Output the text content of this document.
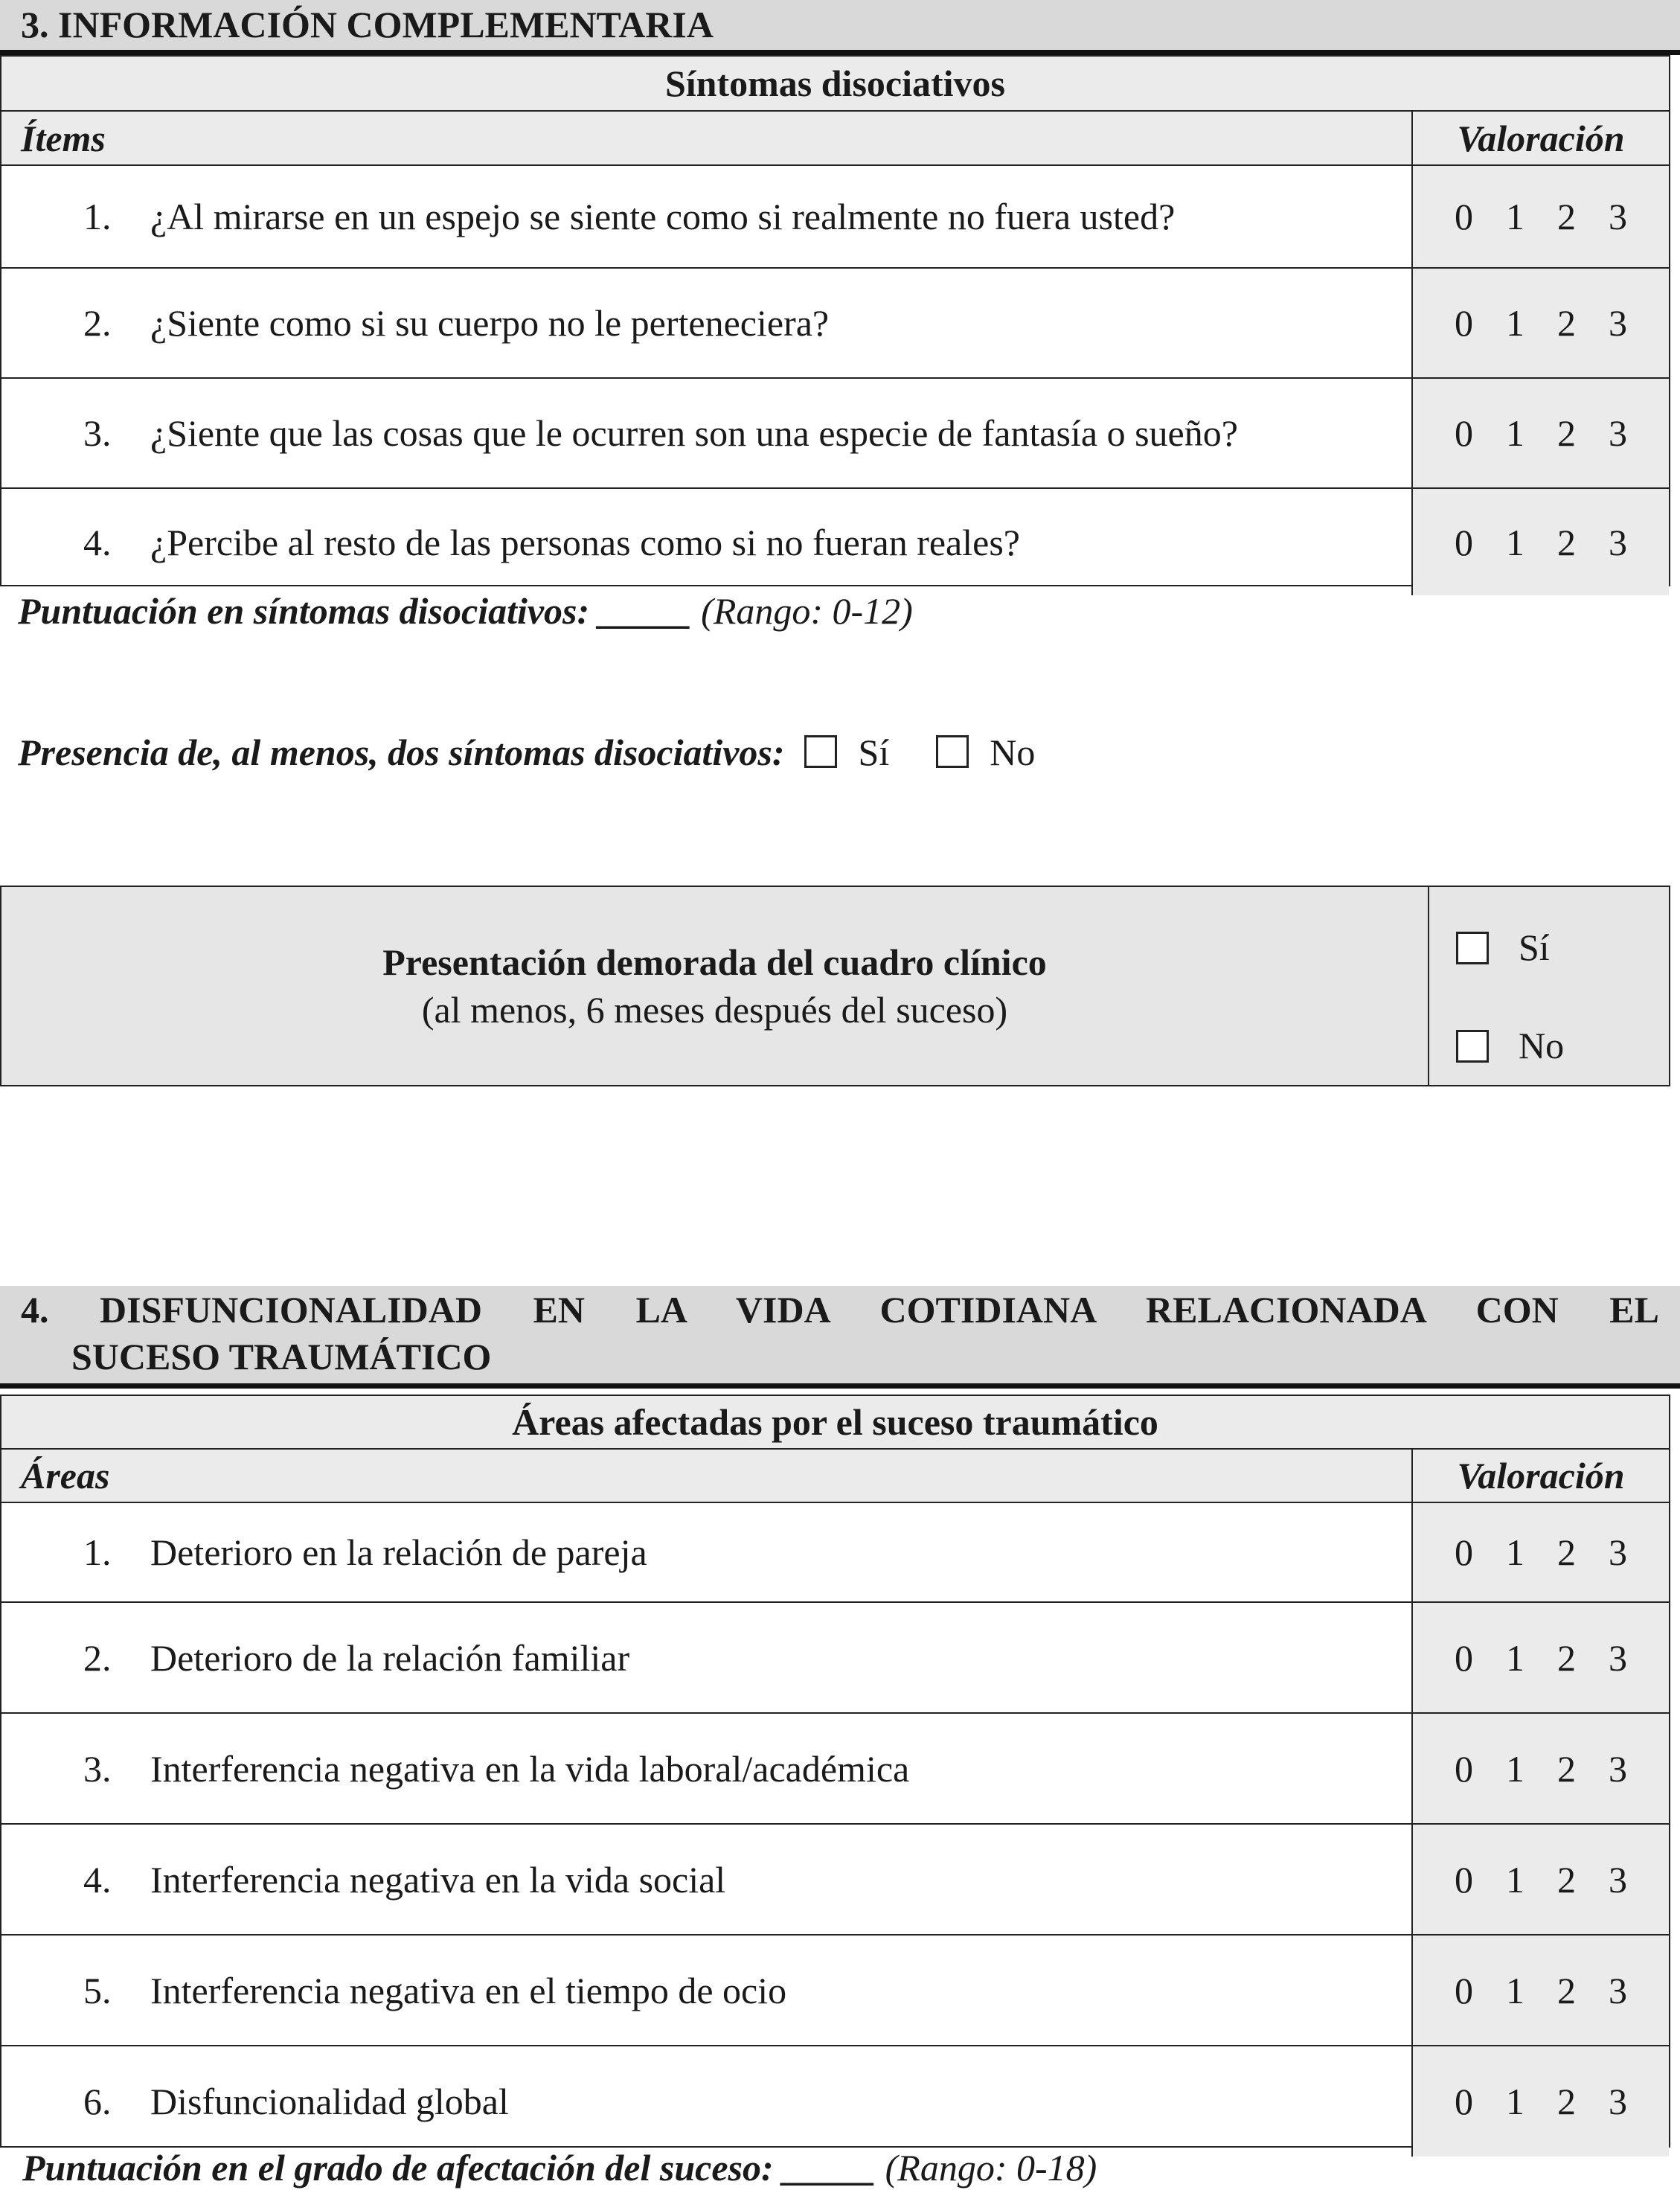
3. INFORMACIÓN COMPLEMENTARIA
Síntomas disociativos
Ítems	Valoración
1.	¿Al mirarse en un espejo se siente como si realmente no fuera usted?	0 1 2 3
2.	¿Siente como si su cuerpo no le perteneciera?	0 1 2 3
3.	¿Siente que las cosas que le ocurren son una especie de fantasía o sueño?	0 1 2 3
4.	¿Percibe al resto de las personas como si no fueran reales?	0 1 2 3
Puntuación en síntomas disociativos: _____ (Rango: 0-12)
Presencia de, al menos, dos síntomas disociativos: Sí	No
Presentación demorada del cuadro clínico
(al menos, 6 meses después del suceso)
Sí
No
4. DISFUNCIONALIDAD EN LA VIDA COTIDIANA RELACIONADA CON EL
SUCESO TRAUMÁTICO
Áreas afectadas por el suceso traumático
Áreas	Valoración
1.	Deterioro en la relación de pareja	0 1 2 3
2.	Deterioro de la relación familiar	0 1 2 3
3.	Interferencia negativa en la vida laboral/académica	0 1 2 3
4.	Interferencia negativa en la vida social	0 1 2 3
5.	Interferencia negativa en el tiempo de ocio	0 1 2 3
6.	Disfuncionalidad global	0 1 2 3
Puntuación en el grado de afectación del suceso: _____ (Rango: 0-18)
